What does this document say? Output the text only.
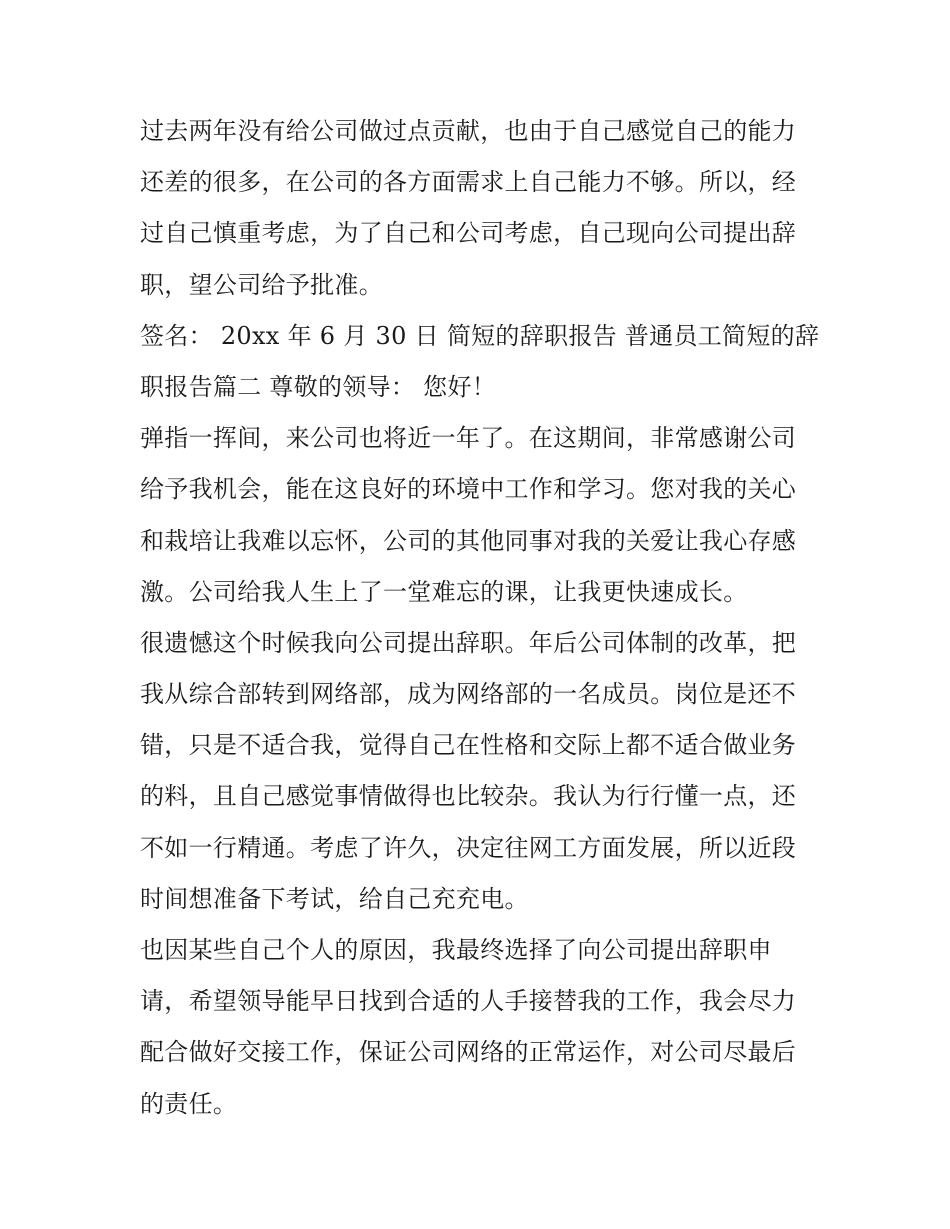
过去两年没有给公司做过点贡献，也由于自己感觉自己的能力
还差的很多，在公司的各方面需求上自己能力不够。所以，经
过自己慎重考虑，为了自己和公司考虑，自己现向公司提出辞
职，望公司给予批准。

签名： 20xx 年 6 月 30 日 简短的辞职报告 普通员工简短的辞
职报告篇二 尊敬的领导： 您好！

弹指一挥间，来公司也将近一年了。在这期间，非常感谢公司
给予我机会，能在这良好的环境中工作和学习。您对我的关心
和栽培让我难以忘怀，公司的其他同事对我的关爱让我心存感
激。公司给我人生上了一堂难忘的课，让我更快速成长。

很遗憾这个时候我向公司提出辞职。年后公司体制的改革，把
我从综合部转到网络部，成为网络部的一名成员。岗位是还不
错，只是不适合我，觉得自己在性格和交际上都不适合做业务
的料，且自己感觉事情做得也比较杂。我认为行行懂一点，还
不如一行精通。考虑了许久，决定往网工方面发展，所以近段
时间想准备下考试，给自己充充电。

也因某些自己个人的原因，我最终选择了向公司提出辞职申
请，希望领导能早日找到合适的人手接替我的工作，我会尽力
配合做好交接工作，保证公司网络的正常运作，对公司尽最后
的责任。
